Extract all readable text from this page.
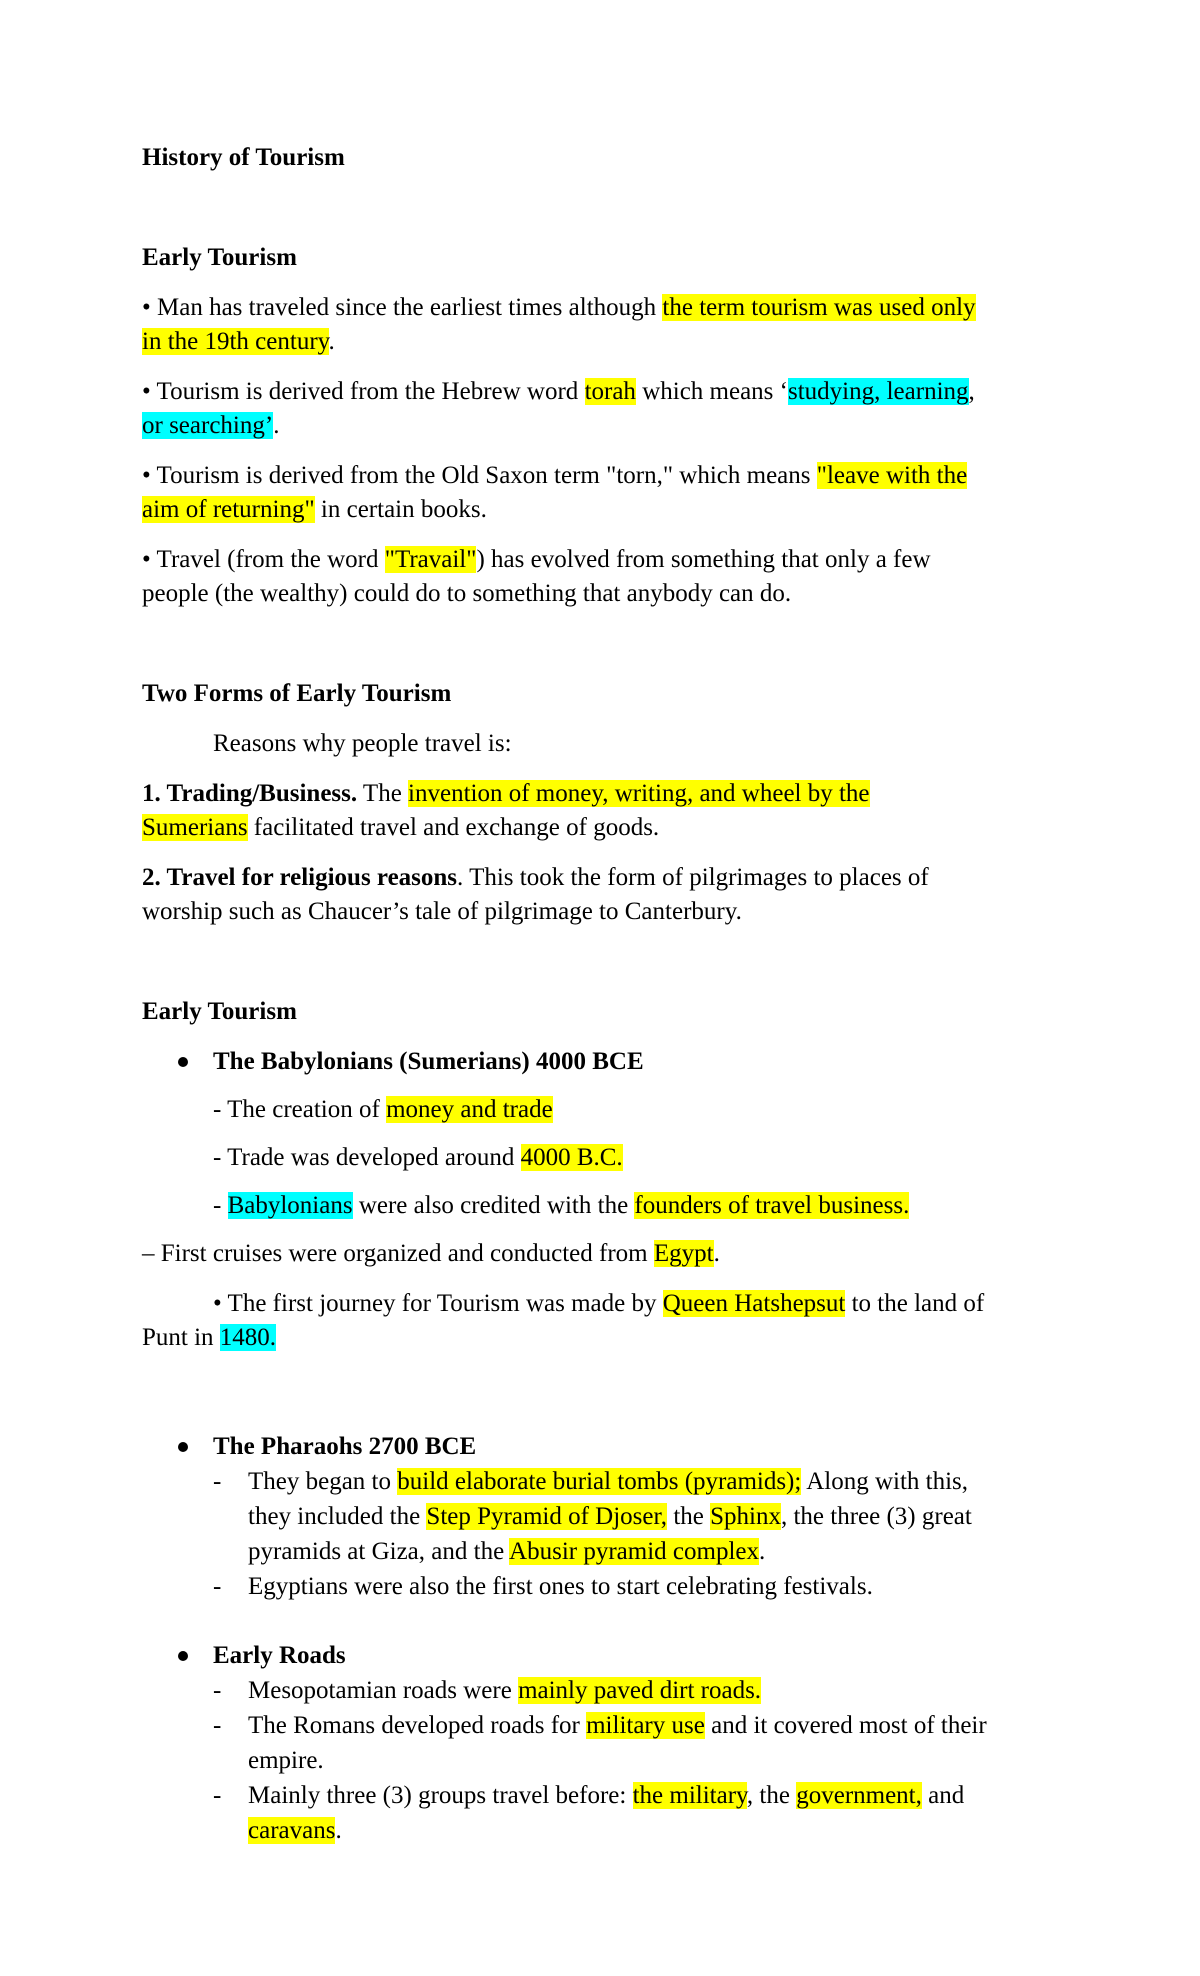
History of Tourism

Early Tourism

• Man has traveled since the earliest times although the term tourism was used only

in the 19th century.

• Tourism is derived from the Hebrew word torah which means ‘studying, learning,

or searching’.

• Tourism is derived from the Old Saxon term "torn," which means "leave with the

aim of returning" in certain books.

• Travel (from the word "Travail") has evolved from something that only a few

people (the wealthy) could do to something that anybody can do.

Two Forms of Early Tourism

Reasons why people travel is:

1. Trading/Business. The invention of money, writing, and wheel by the

Sumerians facilitated travel and exchange of goods.

2. Travel for religious reasons. This took the form of pilgrimages to places of

worship such as Chaucer’s tale of pilgrimage to Canterbury.

Early Tourism

The Babylonians (Sumerians) 4000 BCE

- The creation of money and trade

- Trade was developed around 4000 B.C.

- Babylonians were also credited with the founders of travel business.

– First cruises were organized and conducted from Egypt.

• The first journey for Tourism was made by Queen Hatshepsut to the land of

Punt in 1480.

The Pharaohs 2700 BCE

- They began to build elaborate burial tombs (pyramids); Along with this,

they included the Step Pyramid of Djoser, the Sphinx, the three (3) great

pyramids at Giza, and the Abusir pyramid complex.

- Egyptians were also the first ones to start celebrating festivals.

Early Roads

- Mesopotamian roads were mainly paved dirt roads.

- The Romans developed roads for military use and it covered most of their

empire.

- Mainly three (3) groups travel before: the military, the government, and

caravans.
